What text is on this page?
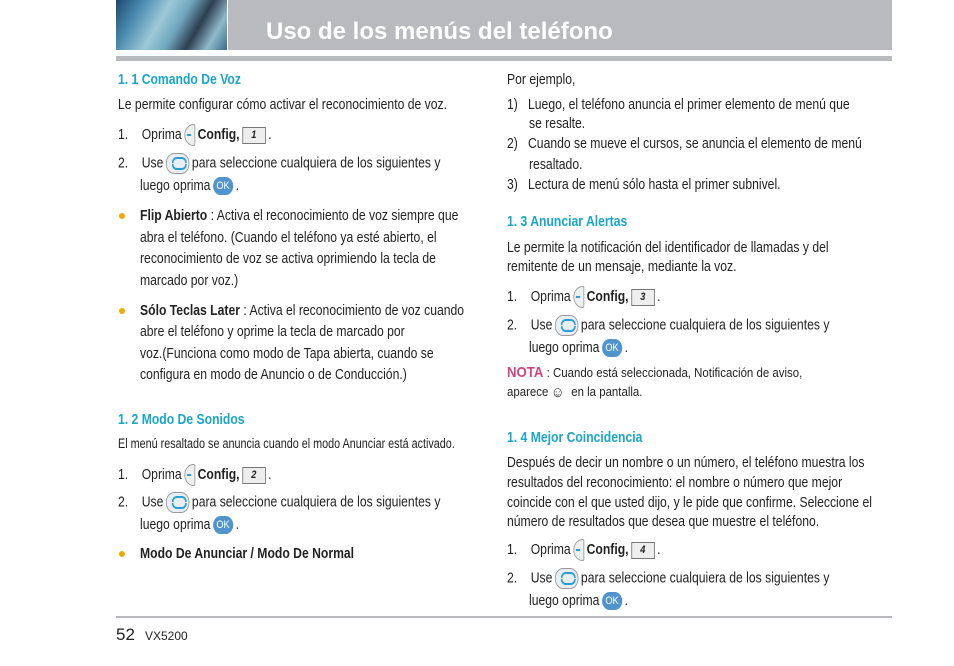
Uso de los menús del teléfono
1. 1 Comando De Voz
Le permite configurar cómo activar el reconocimiento de voz.
1. Oprima Config, 1 .
2. Use para seleccione cualquiera de los siguientes y
luego oprima OK .
Flip Abierto : Activa el reconocimiento de voz siempre que
abra el teléfono. (Cuando el teléfono ya esté abierto, el
reconocimiento de voz se activa oprimiendo la tecla de
marcado por voz.)
Sólo Teclas Later : Activa el reconocimiento de voz cuando
abre el teléfono y oprime la tecla de marcado por
voz.(Funciona como modo de Tapa abierta, cuando se
configura en modo de Anuncio o de Conducción.)
1. 2 Modo De Sonidos
El menú resaltado se anuncia cuando el modo Anunciar está activado.
1. Oprima Config, 2 .
2. Use para seleccione cualquiera de los siguientes y
luego oprima OK .
Modo De Anunciar / Modo De Normal
Por ejemplo,
1) Luego, el teléfono anuncia el primer elemento de menú que
se resalte.
2) Cuando se mueve el cursos, se anuncia el elemento de menú
resaltado.
3) Lectura de menú sólo hasta el primer subnivel.
1. 3 Anunciar Alertas
Le permite la notificación del identificador de llamadas y del
remitente de un mensaje, mediante la voz.
1. Oprima Config, 3 .
2. Use para seleccione cualquiera de los siguientes y
luego oprima OK .
NOTA : Cuando está seleccionada, Notificación de aviso,
aparece ☺ en la pantalla.
1. 4 Mejor Coincidencia
Después de decir un nombre o un número, el teléfono muestra los
resultados del reconocimiento: el nombre o número que mejor
coincide con el que usted dijo, y le pide que confirme. Seleccione el
número de resultados que desea que muestre el teléfono.
1. Oprima Config, 4 .
2. Use para seleccione cualquiera de los siguientes y
luego oprima OK .
52 VX5200
